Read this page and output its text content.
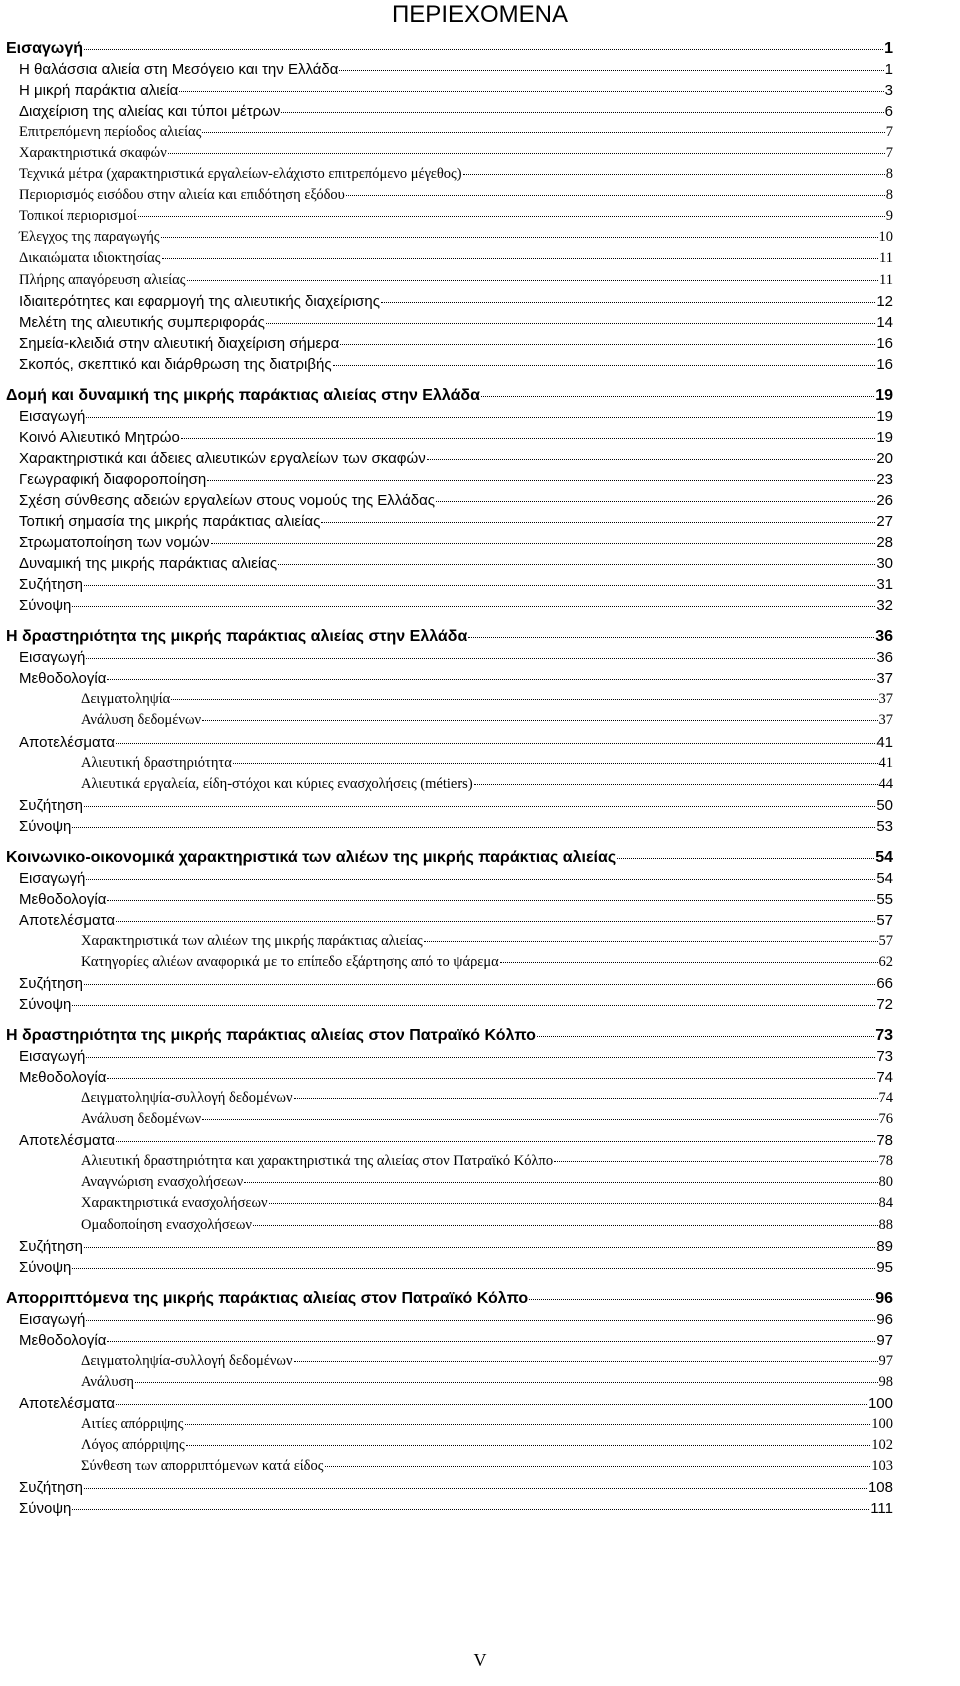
ΠΕΡΙΕΧΟΜΕΝΑ
Εισαγωγή	1
Η θαλάσσια αλιεία στη Μεσόγειο και την Ελλάδα	1
Η μικρή παράκτια αλιεία	3
Διαχείριση της αλιείας και τύποι μέτρων	6
Επιτρεπόμενη περίοδος αλιείας	7
Χαρακτηριστικά σκαφών	7
Τεχνικά μέτρα (χαρακτηριστικά εργαλείων-ελάχιστο επιτρεπόμενο μέγεθος)	8
Περιορισμός εισόδου στην αλιεία και επιδότηση εξόδου	8
Τοπικοί περιορισμοί	9
Έλεγχος της παραγωγής	10
Δικαιώματα ιδιοκτησίας	11
Πλήρης απαγόρευση αλιείας	11
Ιδιαιτερότητες και εφαρμογή της αλιευτικής διαχείρισης	12
Μελέτη της αλιευτικής συμπεριφοράς	14
Σημεία-κλειδιά στην αλιευτική διαχείριση σήμερα	16
Σκοπός, σκεπτικό και διάρθρωση της διατριβής	16
Δομή και δυναμική της μικρής παράκτιας αλιείας στην Ελλάδα	19
Εισαγωγή	19
Κοινό Αλιευτικό Μητρώο	19
Χαρακτηριστικά και άδειες αλιευτικών εργαλείων των σκαφών	20
Γεωγραφική διαφοροποίηση	23
Σχέση σύνθεσης αδειών εργαλείων στους νομούς της Ελλάδας	26
Τοπική σημασία της μικρής παράκτιας αλιείας	27
Στρωματοποίηση των νομών	28
Δυναμική της μικρής παράκτιας αλιείας	30
Συζήτηση	31
Σύνοψη	32
Η δραστηριότητα της μικρής παράκτιας αλιείας στην Ελλάδα	36
Εισαγωγή	36
Μεθοδολογία	37
Δειγματοληψία	37
Ανάλυση δεδομένων	37
Αποτελέσματα	41
Αλιευτική δραστηριότητα	41
Αλιευτικά εργαλεία, είδη-στόχοι και κύριες ενασχολήσεις (métiers)	44
Συζήτηση	50
Σύνοψη	53
Κοινωνικο-οικονομικά χαρακτηριστικά των αλιέων της μικρής παράκτιας αλιείας	54
Εισαγωγή	54
Μεθοδολογία	55
Αποτελέσματα	57
Χαρακτηριστικά των αλιέων της μικρής παράκτιας αλιείας	57
Κατηγορίες αλιέων αναφορικά με το επίπεδο εξάρτησης από το ψάρεμα	62
Συζήτηση	66
Σύνοψη	72
Η δραστηριότητα της μικρής παράκτιας αλιείας στον Πατραϊκό Κόλπο	73
Εισαγωγή	73
Μεθοδολογία	74
Δειγματοληψία-συλλογή δεδομένων	74
Ανάλυση δεδομένων	76
Αποτελέσματα	78
Αλιευτική δραστηριότητα και χαρακτηριστικά της αλιείας στον Πατραϊκό Κόλπο	78
Αναγνώριση ενασχολήσεων	80
Χαρακτηριστικά ενασχολήσεων	84
Ομαδοποίηση ενασχολήσεων	88
Συζήτηση	89
Σύνοψη	95
Απορριπτόμενα της μικρής παράκτιας αλιείας στον Πατραϊκό Κόλπο	96
Εισαγωγή	96
Μεθοδολογία	97
Δειγματοληψία-συλλογή δεδομένων	97
Ανάλυση	98
Αποτελέσματα	100
Αιτίες απόρριψης	100
Λόγος απόρριψης	102
Σύνθεση των απορριπτόμενων κατά είδος	103
Συζήτηση	108
Σύνοψη	111
V
